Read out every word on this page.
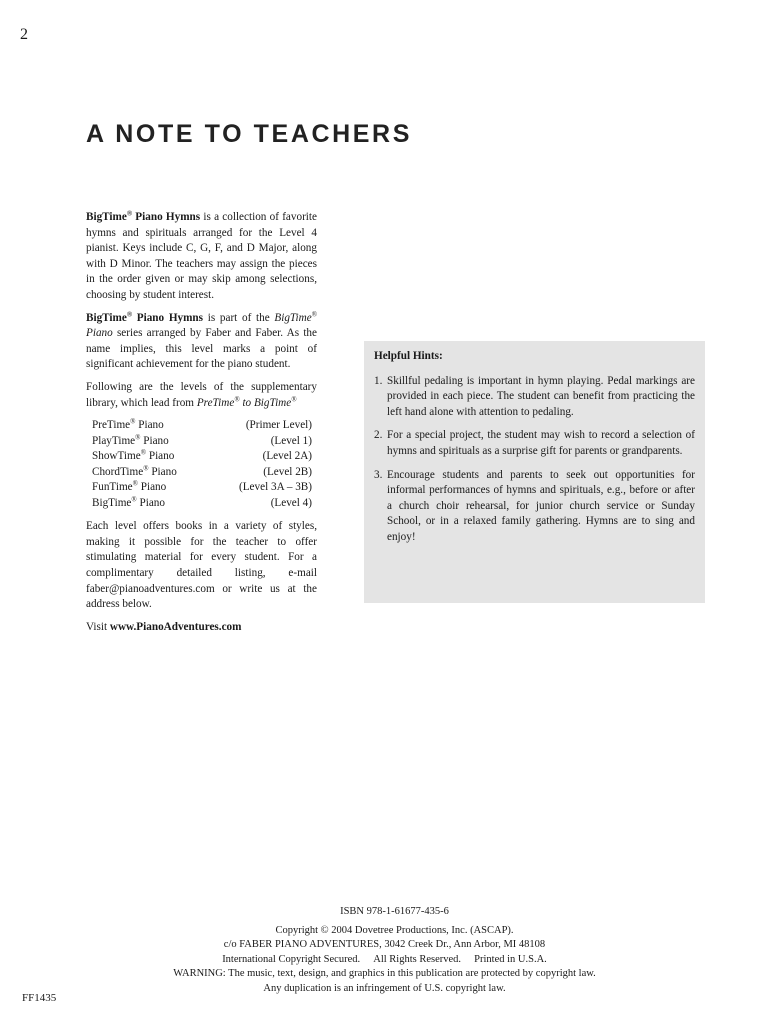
2
A NOTE TO TEACHERS

BigTime® Piano Hymns is a collection of favorite hymns and spirituals arranged for the Level 4 pianist. Keys include C, G, F, and D Major, along with D Minor. The teachers may assign the pieces in the order given or may skip among selections, choosing by student interest.

BigTime® Piano Hymns is part of the BigTime® Piano series arranged by Faber and Faber. As the name implies, this level marks a point of significant achievement for the piano student.

Following are the levels of the supplementary library, which lead from PreTime® to BigTime®

PreTime® Piano	(Primer Level)
PlayTime® Piano	(Level 1)
ShowTime® Piano	(Level 2A)
ChordTime® Piano	(Level 2B)
FunTime® Piano	(Level 3A – 3B)
BigTime® Piano	(Level 4)

Each level offers books in a variety of styles, making it possible for the teacher to offer stimulating material for every student. For a complimentary detailed listing, e-mail faber@pianoadventures.com or write us at the address below.

Visit www.PianoAdventures.com

Helpful Hints:
1. Skillful pedaling is important in hymn playing. Pedal markings are provided in each piece. The student can benefit from practicing the left hand alone with attention to pedaling.
2. For a special project, the student may wish to record a selection of hymns and spirituals as a surprise gift for parents or grandparents.
3. Encourage students and parents to seek out opportunities for informal performances of hymns and spirituals, e.g., before or after a church choir rehearsal, for junior church service or Sunday School, or in a relaxed family gathering. Hymns are to sing and enjoy!
ISBN 978-1-61677-435-6
Copyright © 2004 Dovetree Productions, Inc. (ASCAP).
c/o FABER PIANO ADVENTURES, 3042 Creek Dr., Ann Arbor, MI 48108
International Copyright Secured. All Rights Reserved. Printed in U.S.A.
WARNING: The music, text, design, and graphics in this publication are protected by copyright law.
Any duplication is an infringement of U.S. copyright law.
FF1435
